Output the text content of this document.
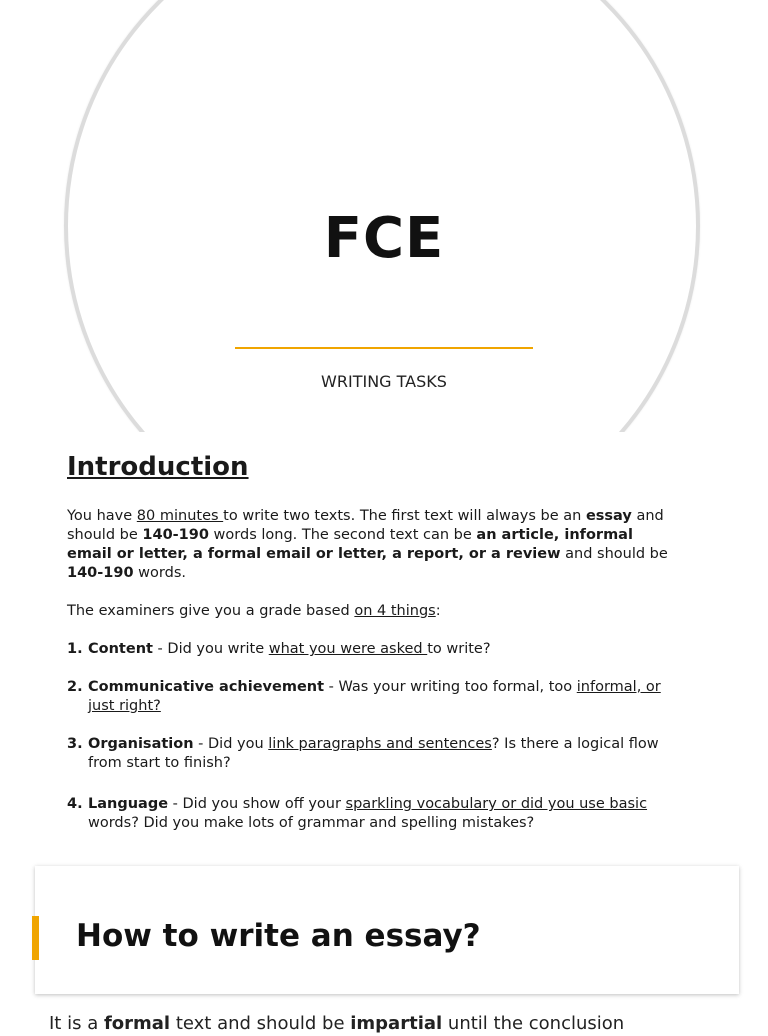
FCE
WRITING TASKS
Introduction

You have 80 minutes to write two texts. The first text will always be an essay and should be 140-190 words long. The second text can be an article, informal email or letter, a formal email or letter, a report, or a review and should be 140-190 words.

The examiners give you a grade based on 4 things:

1. Content - Did you write what you were asked to write?
2. Communicative achievement - Was your writing too formal, too informal, or just right?
3. Organisation - Did you link paragraphs and sentences? Is there a logical flow from start to finish?
4. Language - Did you show off your sparkling vocabulary or did you use basic words? Did you make lots of grammar and spelling mistakes?
How to write an essay?
It is a formal text and should be impartial until the conclusion
